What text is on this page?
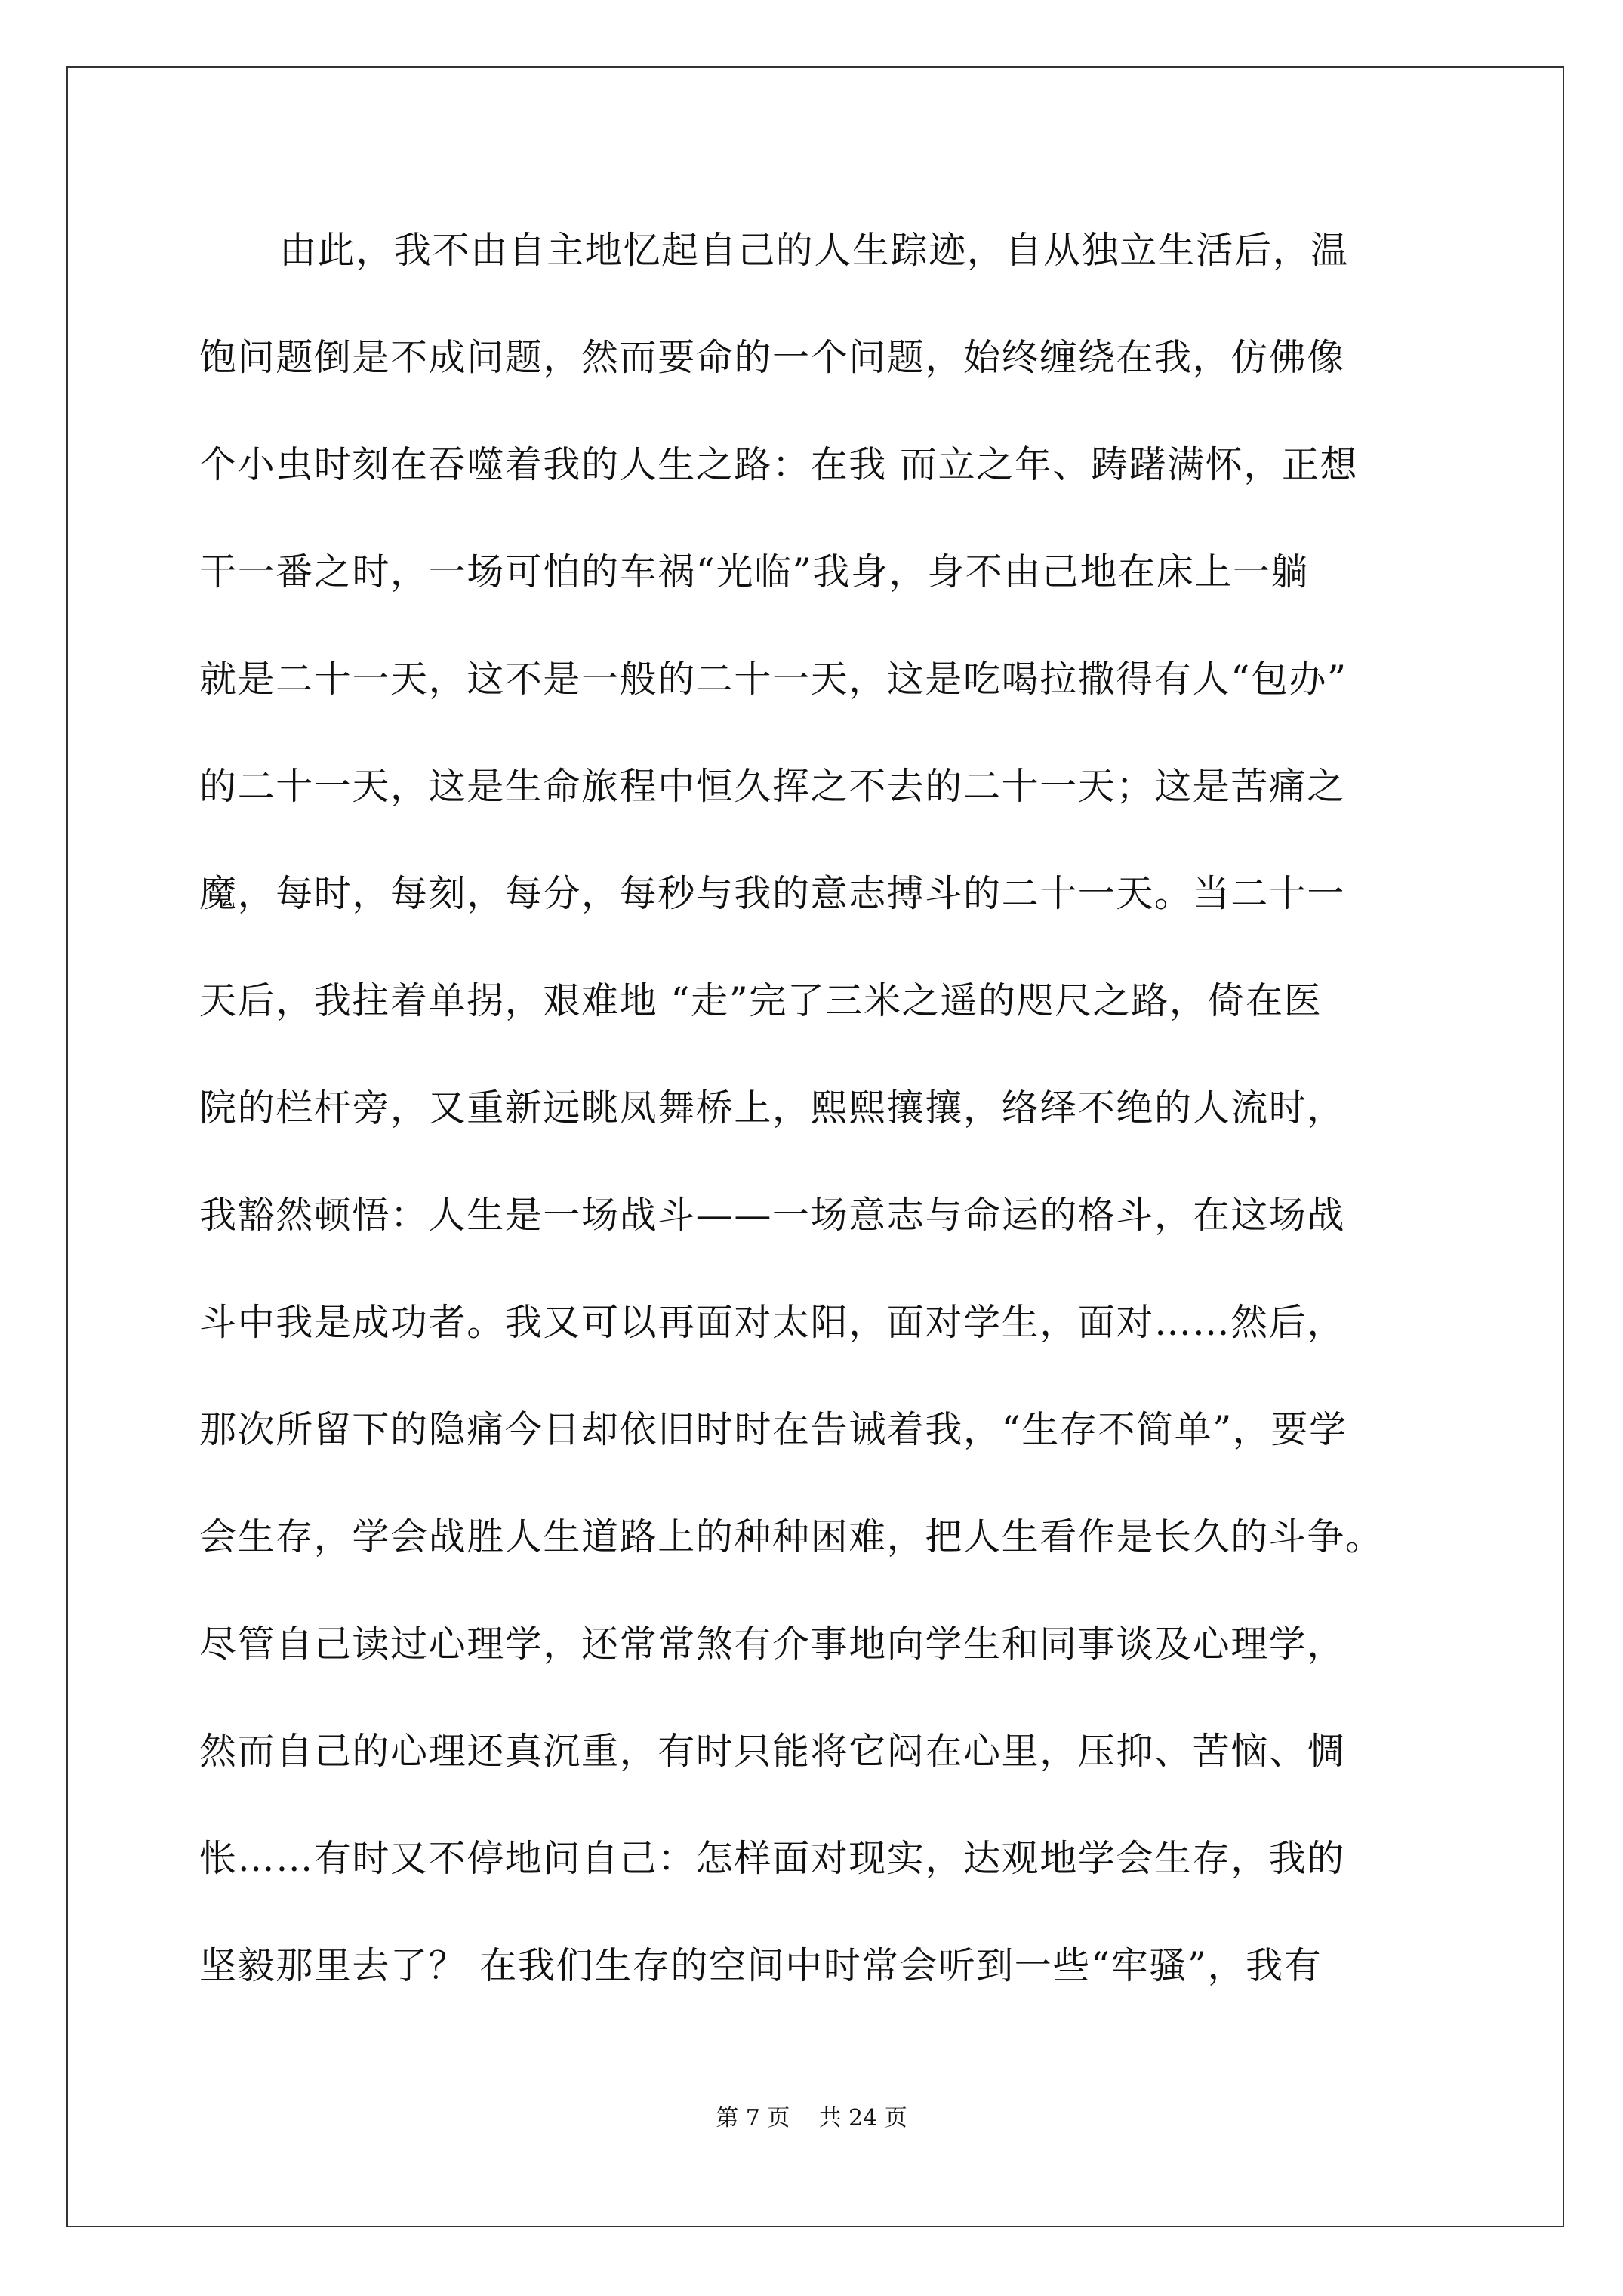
由此，我不由自主地忆起自己的人生踪迹，自从独立生活后，温
饱问题倒是不成问题，然而要命的一个问题，始终缠绕在我，仿佛像
个小虫时刻在吞噬着我的人生之路：在我 而立之年、踌躇满怀，正想
干一番之时，一场可怕的车祸“光临”我身，身不由己地在床上一躺
就是二十一天，这不是一般的二十一天，这是吃喝拉撒得有人“包办”
的二十一天，这是生命旅程中恒久挥之不去的二十一天；这是苦痛之
魔，每时，每刻，每分，每秒与我的意志搏斗的二十一天。当二十一
天后，我拄着单拐，艰难地 “走”完了三米之遥的咫尺之路，倚在医
院的栏杆旁，又重新远眺凤舞桥上，熙熙攘攘，络绎不绝的人流时，
我豁然顿悟：人生是一场战斗——一场意志与命运的格斗，在这场战
斗中我是成功者。我又可以再面对太阳，面对学生，面对……然后，
那次所留下的隐痛今日却依旧时时在告诫着我，“生存不简单”，要学
会生存，学会战胜人生道路上的种种困难，把人生看作是长久的斗争。
尽管自己读过心理学，还常常煞有介事地向学生和同事谈及心理学，
然而自己的心理还真沉重，有时只能将它闷在心里，压抑、苦恼、惆
怅……有时又不停地问自己：怎样面对现实，达观地学会生存，我的
坚毅那里去了？ 在我们生存的空间中时常会听到一些“牢骚”，我有
第 7 页    共 24 页
